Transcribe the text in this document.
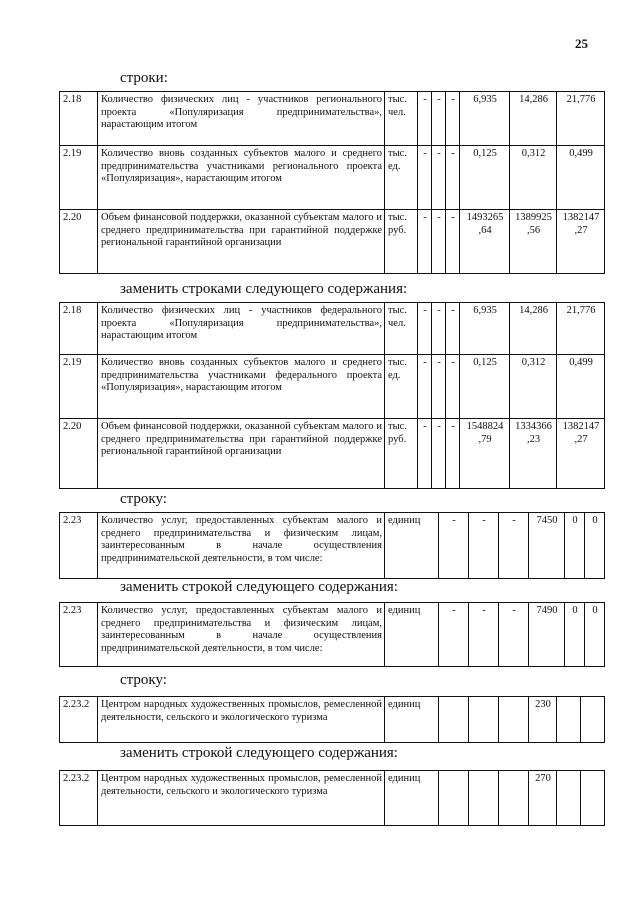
25
строки:
2.18	Количество физических лиц - участников регионального проекта «Популяризация предпринимательства», нарастающим итогом	тыс. чел.	-	-	-	6,935	14,286	21,776
2.19	Количество вновь созданных субъектов малого и среднего предпринимательства участниками регионального проекта «Популяризация», нарастающим итогом	тыс. ед.	-	-	-	0,125	0,312	0,499
2.20	Объем финансовой поддержки, оказанной субъектам малого и среднего предпринимательства при гарантийной поддержке региональной гарантийной организации	тыс. руб.	-	-	-	1493265 ,64	1389925 ,56	1382147 ,27
заменить строками следующего содержания:
2.18	Количество физических лиц - участников федерального проекта «Популяризация предпринимательства», нарастающим итогом	тыс. чел.	-	-	-	6,935	14,286	21,776
2.19	Количество вновь созданных субъектов малого и среднего предпринимательства участниками федерального проекта «Популяризация», нарастающим итогом	тыс. ед.	-	-	-	0,125	0,312	0,499
2.20	Объем финансовой поддержки, оказанной субъектам малого и среднего предпринимательства при гарантийной поддержке региональной гарантийной организации	тыс. руб.	-	-	-	1548824 ,79	1334366 ,23	1382147 ,27
строку:
2.23	Количество услуг, предоставленных субъектам малого и среднего предпринимательства и физическим лицам, заинтересованным в начале осуществления предпринимательской деятельности, в том числе:	единиц	-	-	-	7450	0	0
заменить строкой следующего содержания:
2.23	Количество услуг, предоставленных субъектам малого и среднего предпринимательства и физическим лицам, заинтересованным в начале осуществления предпринимательской деятельности, в том числе:	единиц	-	-	-	7490	0	0
строку:
2.23.2	Центром народных художественных промыслов, ремесленной деятельности, сельского и экологического туризма	единиц				230		
заменить строкой следующего содержания:
2.23.2	Центром народных художественных промыслов, ремесленной деятельности, сельского и экологического туризма	единиц				270		
